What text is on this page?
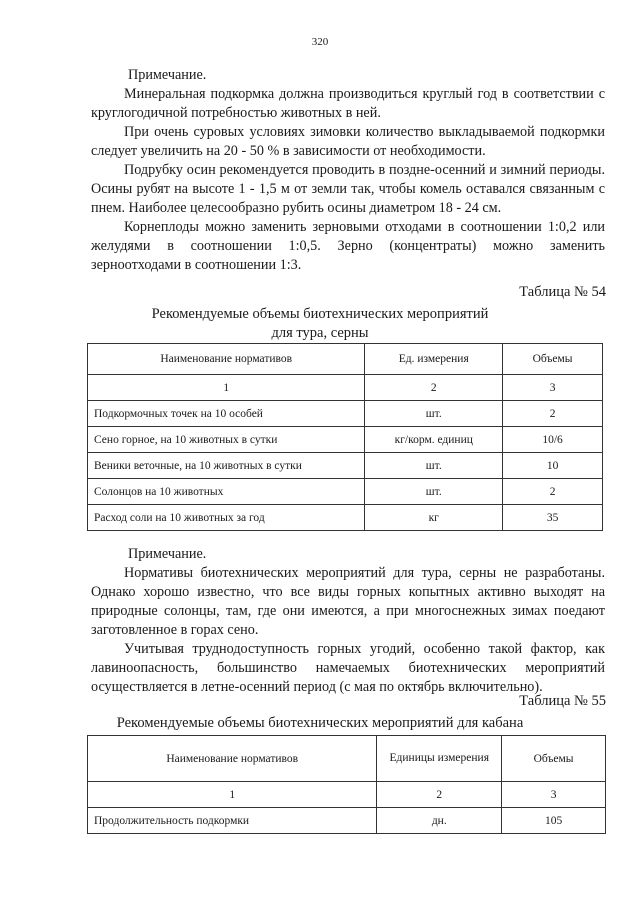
320

Примечание.

Минеральная подкормка должна производиться круглый год в соответствии с круглогодичной потребностью животных в ней.

При очень суровых условиях зимовки количество выкладываемой подкормки следует увеличить на 20 - 50 % в зависимости от необходимости.

Подрубку осин рекомендуется проводить в поздне-осенний и зимний периоды. Осины рубят на высоте 1 - 1,5 м от земли так, чтобы комель оставался связанным с пнем. Наиболее целесообразно рубить осины диаметром 18 - 24 см.

Корнеплоды можно заменить зерновыми отходами в соотношении 1:0,2 или желудями в соотношении 1:0,5. Зерно (концентраты) можно заменить зерноотходами в соотношении 1:3.

Таблица № 54
Рекомендуемые объемы биотехнических мероприятий
для тура, серны
Наименование нормативов	Ед. измерения	Объемы
1	2	3
Подкормочных точек на 10 особей	шт.	2
Сено горное, на 10 животных в сутки	кг/корм. единиц	10/6
Веники веточные, на 10 животных в сутки	шт.	10
Солонцов на 10 животных	шт.	2
Расход соли на 10 животных за год	кг	35

Примечание.

Нормативы биотехнических мероприятий для тура, серны не разработаны. Однако хорошо известно, что все виды горных копытных активно выходят на природные солонцы, там, где они имеются, а при многоснежных зимах поедают заготовленное в горах сено.

Учитывая труднодоступность горных угодий, особенно такой фактор, как лавиноопасность, большинство намечаемых биотехнических мероприятий осуществляется в летне-осенний период (с мая по октябрь включительно).

Таблица № 55
Рекомендуемые объемы биотехнических мероприятий для кабана
Наименование нормативов	Единицы измерения	Объемы
1	2	3
Продолжительность подкормки	дн.	105
